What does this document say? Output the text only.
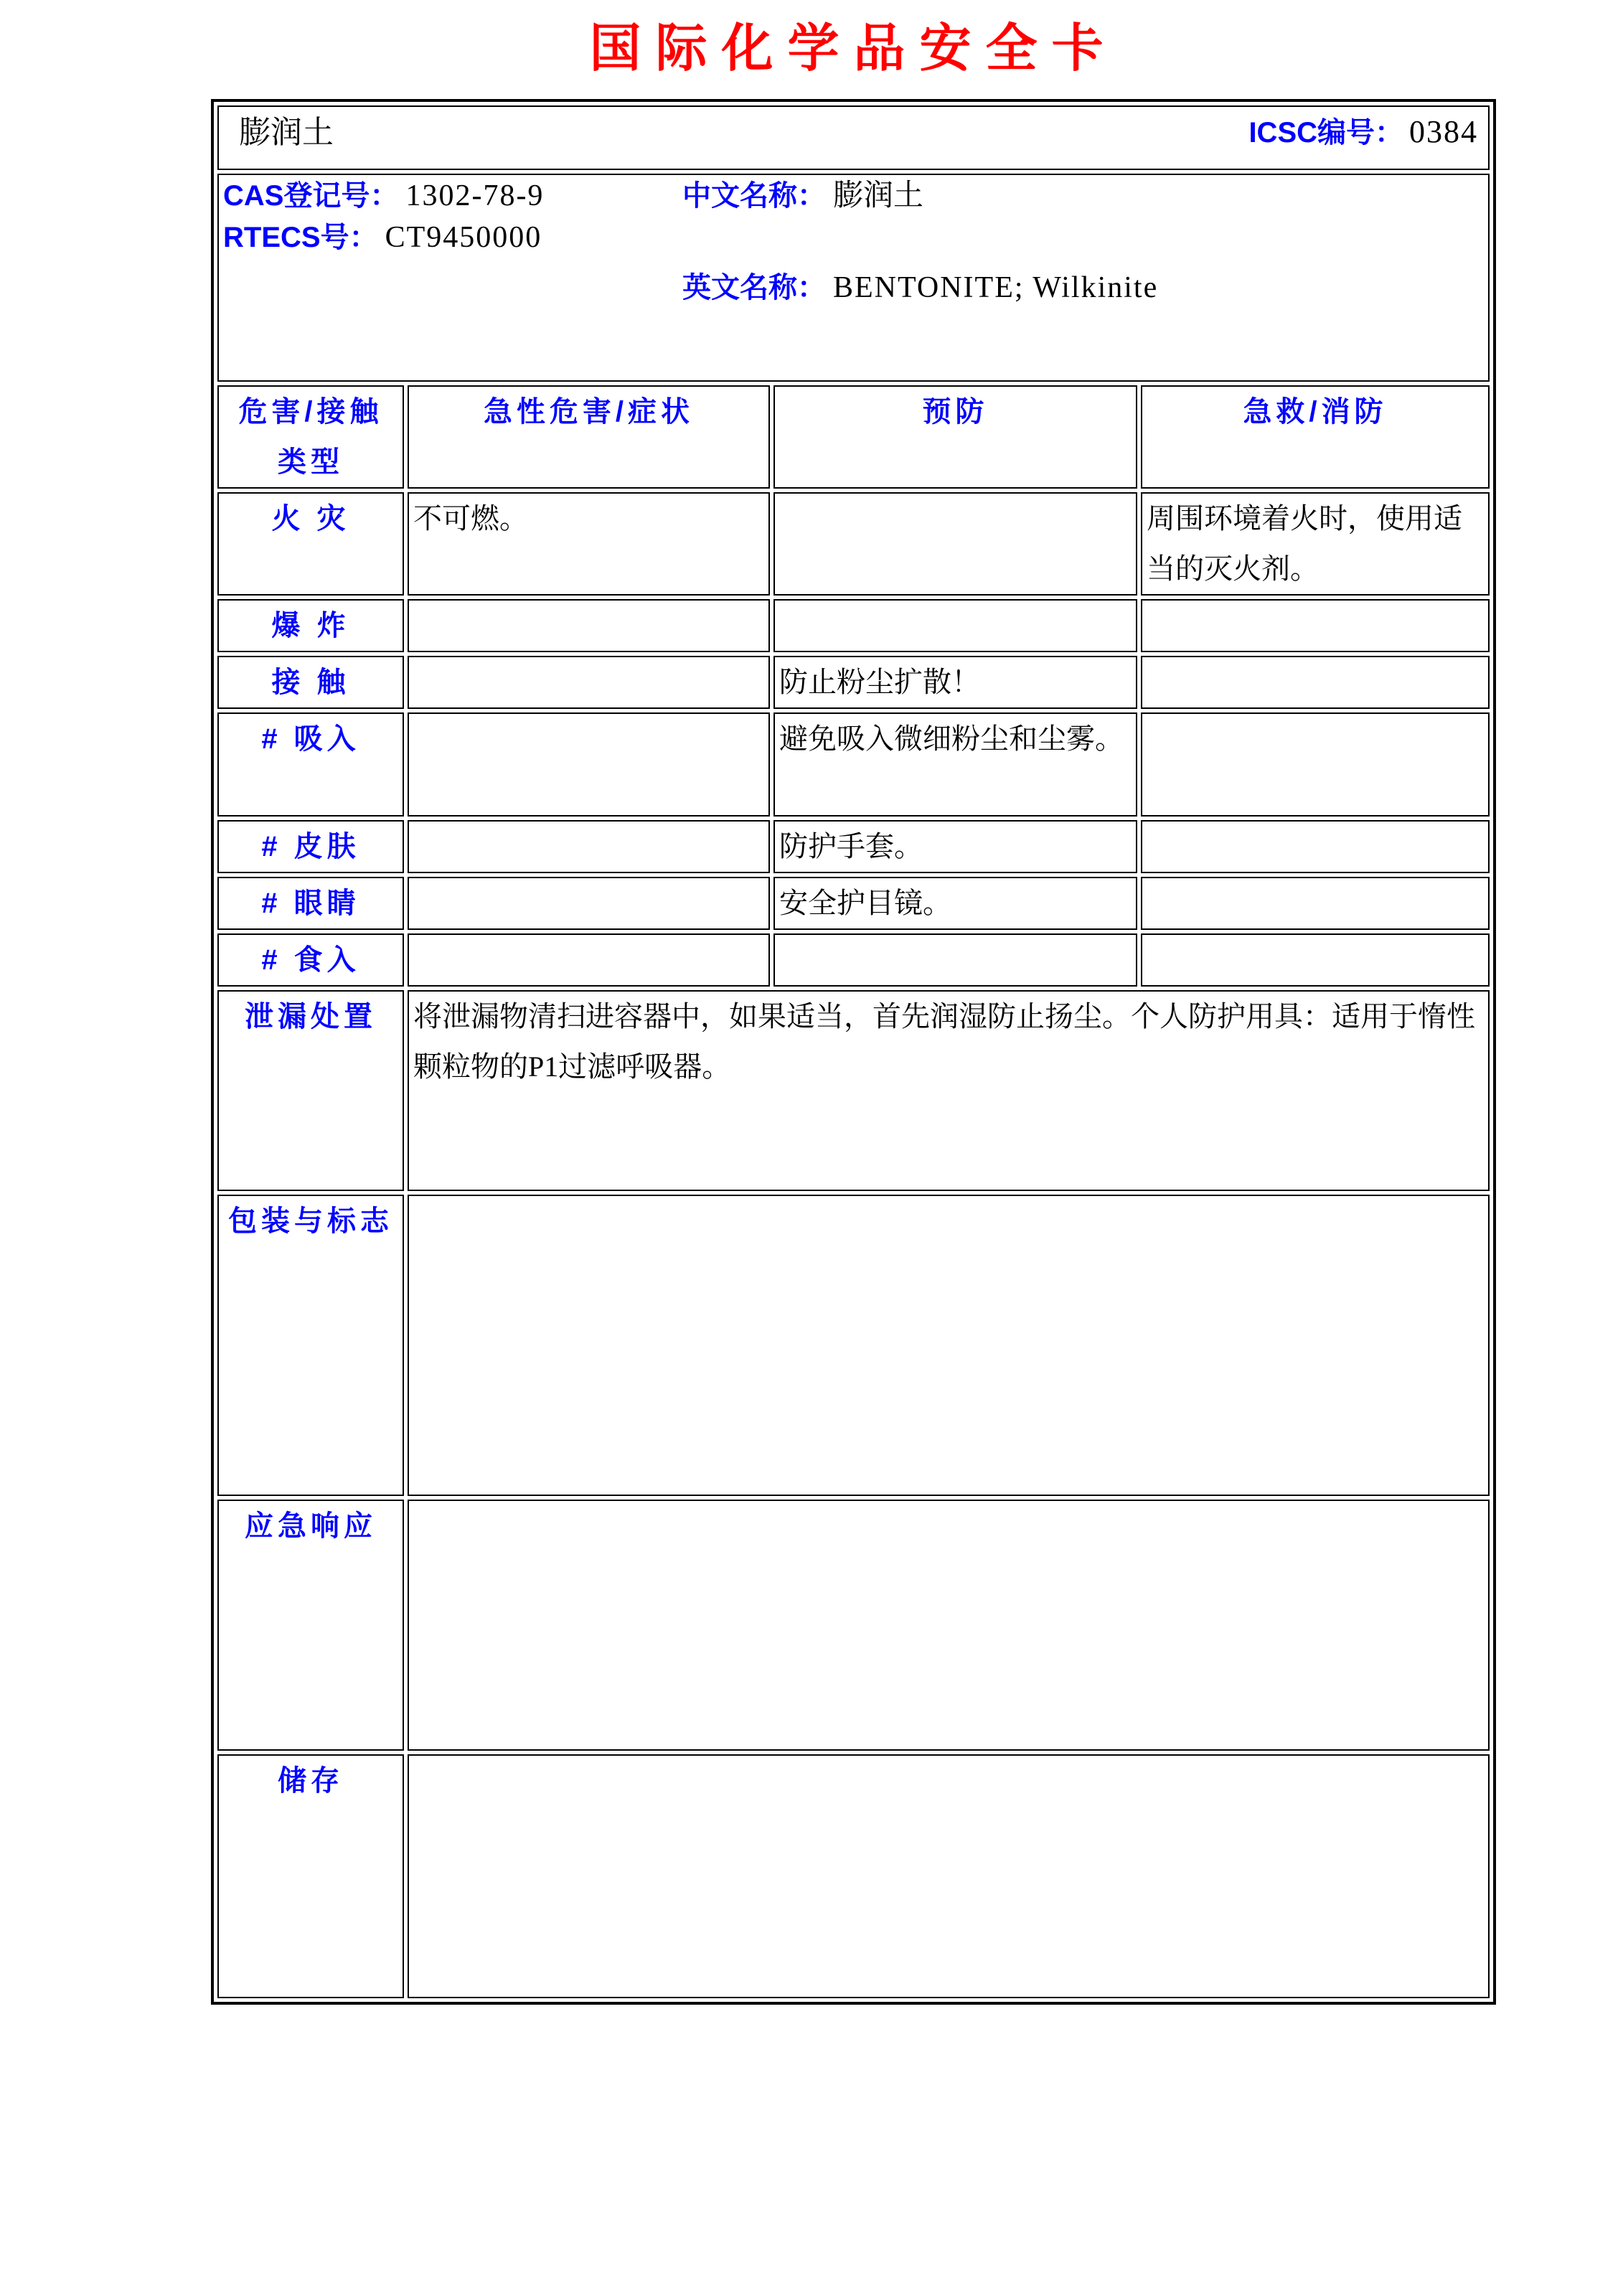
国际化学品安全卡
膨润土 ICSC编号： 0384			

CAS登记号： 1302-78-9

RTECS号： CT9450000

中文名称： 膨润土

英文名称： BENTONITE; Wilkinite			

危害/接触类型	急性危害/症状	预防	急救/消防
火 灾	不可燃。		周围环境着火时，使用适当的灭火剂。
爆 炸			
接 触		防止粉尘扩散！	
# 吸入		避免吸入微细粉尘和尘雾。	
# 皮肤		防护手套。	
# 眼睛		安全护目镜。	
# 食入			
泄漏处置	将泄漏物清扫进容器中，如果适当，首先润湿防止扬尘。个人防护用具：适用于惰性颗粒物的P1过滤呼吸器。		
包装与标志			
应急响应			
储存			
